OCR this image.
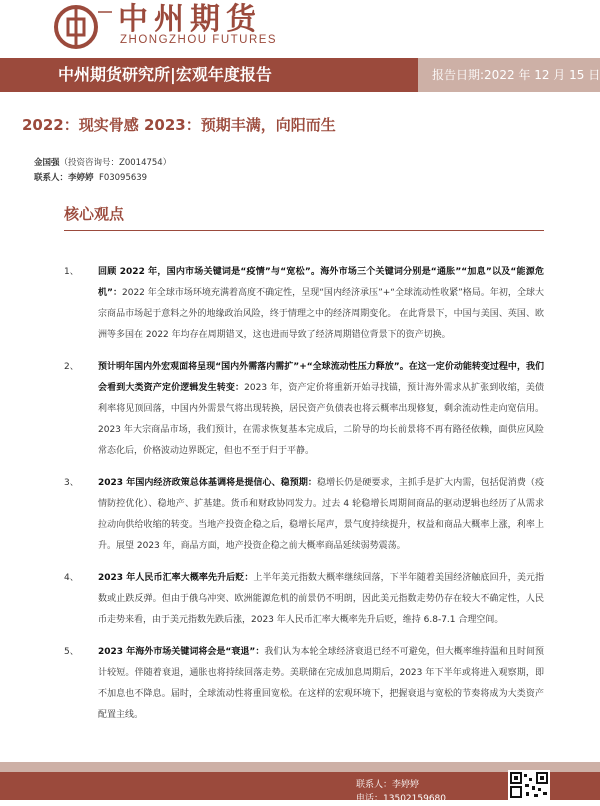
中州期货
ZHONGZHOU FUTURES
中州期货研究所|宏观年度报告	报告日期:2022 年 12 月 15 日
2022：现实骨感 2023：预期丰满，向阳而生
金国强（投资咨询号：Z0014754）
联系人：李婷婷 F03095639
核心观点
1、 回顾 2022 年，国内市场关键词是“疫情”与“宽松”。海外市场三个关键词分别是“通胀”“加息”以及“能源危机”：2022 年全球市场环境充满着高度不确定性，呈现“国内经济承压”+“全球流动性收紧”格局。年初，全球大宗商品市场起于意料之外的地缘政治风险，终于情理之中的经济周期变化。 在此背景下，中国与美国、英国、欧洲等多国在 2022 年均存在周期错叉，这也进而导致了经济周期错位背景下的资产切换。
2、 预计明年国内外宏观面将呈现“国内外需落内需扩”+“全球流动性压力释放”。在这一定价动能转变过程中，我们会看到大类资产定价逻辑发生转变：2023 年，资产定价将重新开始寻找锚，预计海外需求从扩张到收缩，美债利率将见顶回落，中国内外需景气将出现转换，居民资产负债表也将云概率出现修复，剩余流动性走向宽信用。2023 年大宗商品市场，我们预计，在需求恢复基本完成后，二阶导的均长前景将不再有路径依赖，面供应风险常态化后，价格波动边界既定，但也不至于归于平静。
3、 2023 年国内经济政策总体基调将是提信心、稳预期：稳增长仍是硬要求，主抓手是扩大内需，包括促消费（疫情防控优化）、稳地产、扩基建。货币和财政协同发力。过去 4 轮稳增长周期间商品的驱动逻辑也经历了从需求拉动向供给收缩的转变。当地产投资企稳之后，稳增长尾声，景气度持续提升，权益和商品大概率上涨，利率上升。展望 2023 年，商品方面，地产投资企稳之前大概率商品延续弱势震荡。
4、 2023 年人民币汇率大概率先升后贬：上半年美元指数大概率继续回落，下半年随着美国经济触底回升，美元指数或止跌反弹。但由于俄乌冲突、欧洲能源危机的前景仍不明朗，因此美元指数走势仍存在较大不确定性，人民币走势来看，由于美元指数先跌后涨，2023 年人民币汇率大概率先升后贬，维持 6.8-7.1 合理空间。
5、 2023 年海外市场关键词将会是“衰退”：我们认为本轮全球经济衰退已经不可避免，但大概率维持温和且时间预计较短。伴随着衰退，通胀也将持续回落走势。美联储在完成加息周期后，2023 年下半年或将进入观察期，即不加息也不降息。届时，全球流动性将重回宽松。在这样的宏观环境下，把握衰退与宽松的节奏将成为大类资产配置主线。
联系人：李婷婷
电话：13502159680
